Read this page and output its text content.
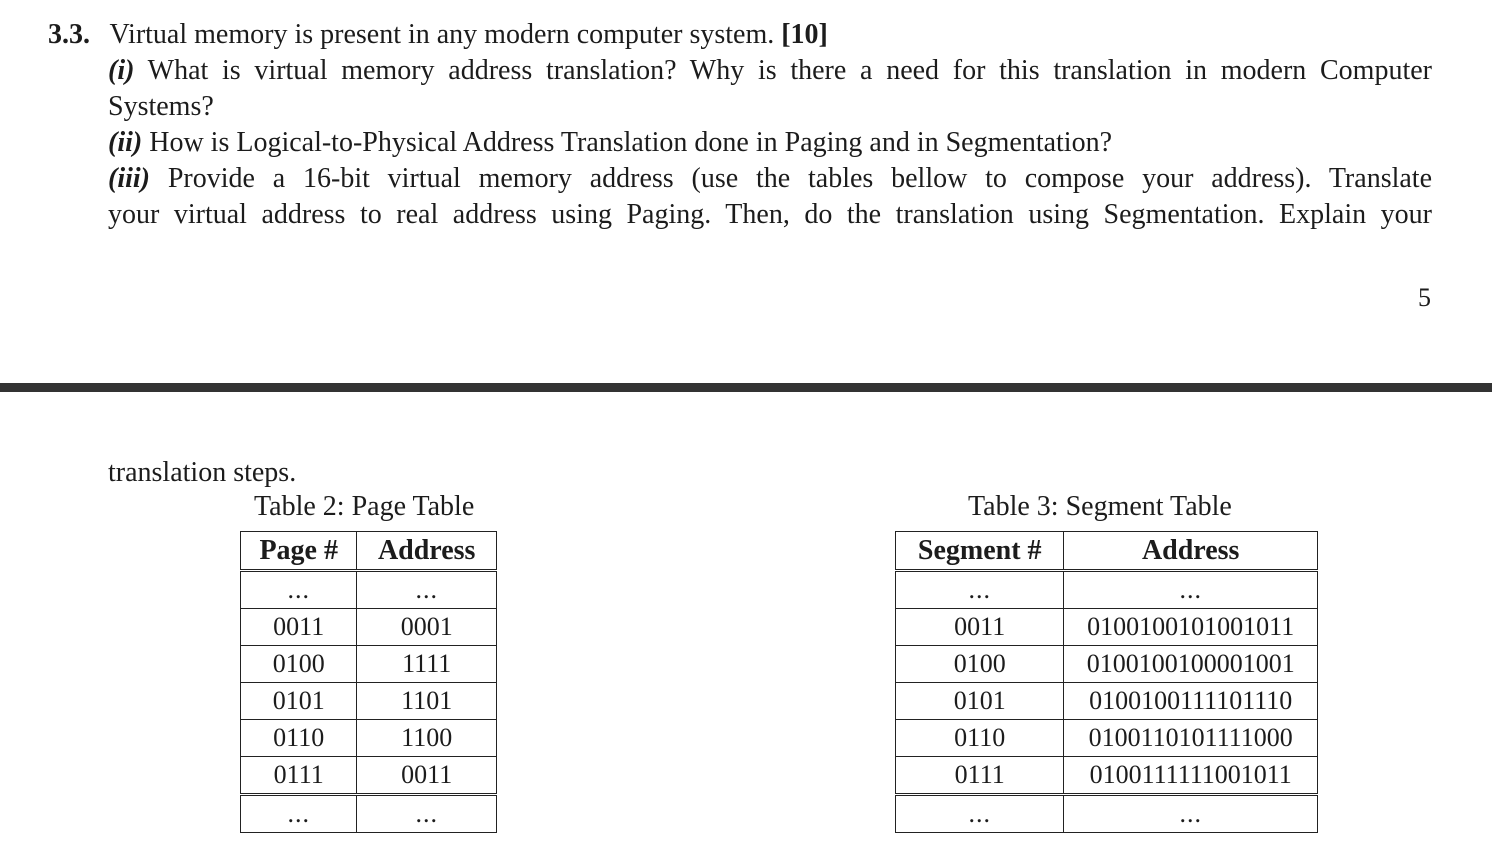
3.3. Virtual memory is present in any modern computer system. [10]
(i) What is virtual memory address translation? Why is there a need for this translation in modern Computer
Systems?
(ii) How is Logical-to-Physical Address Translation done in Paging and in Segmentation?
(iii) Provide a 16-bit virtual memory address (use the tables bellow to compose your address). Translate
your virtual address to real address using Paging. Then, do the translation using Segmentation. Explain your
5
translation steps.
Table 2: Page Table
Page #	Address
...	...
0011	0001
0100	1111
0101	1101
0110	1100
0111	0011
...	...
Table 3: Segment Table
Segment #	Address
...	...
0011	0100100101001011
0100	0100100100001001
0101	0100100111101110
0110	0100110101111000
0111	0100111111001011
...	...
